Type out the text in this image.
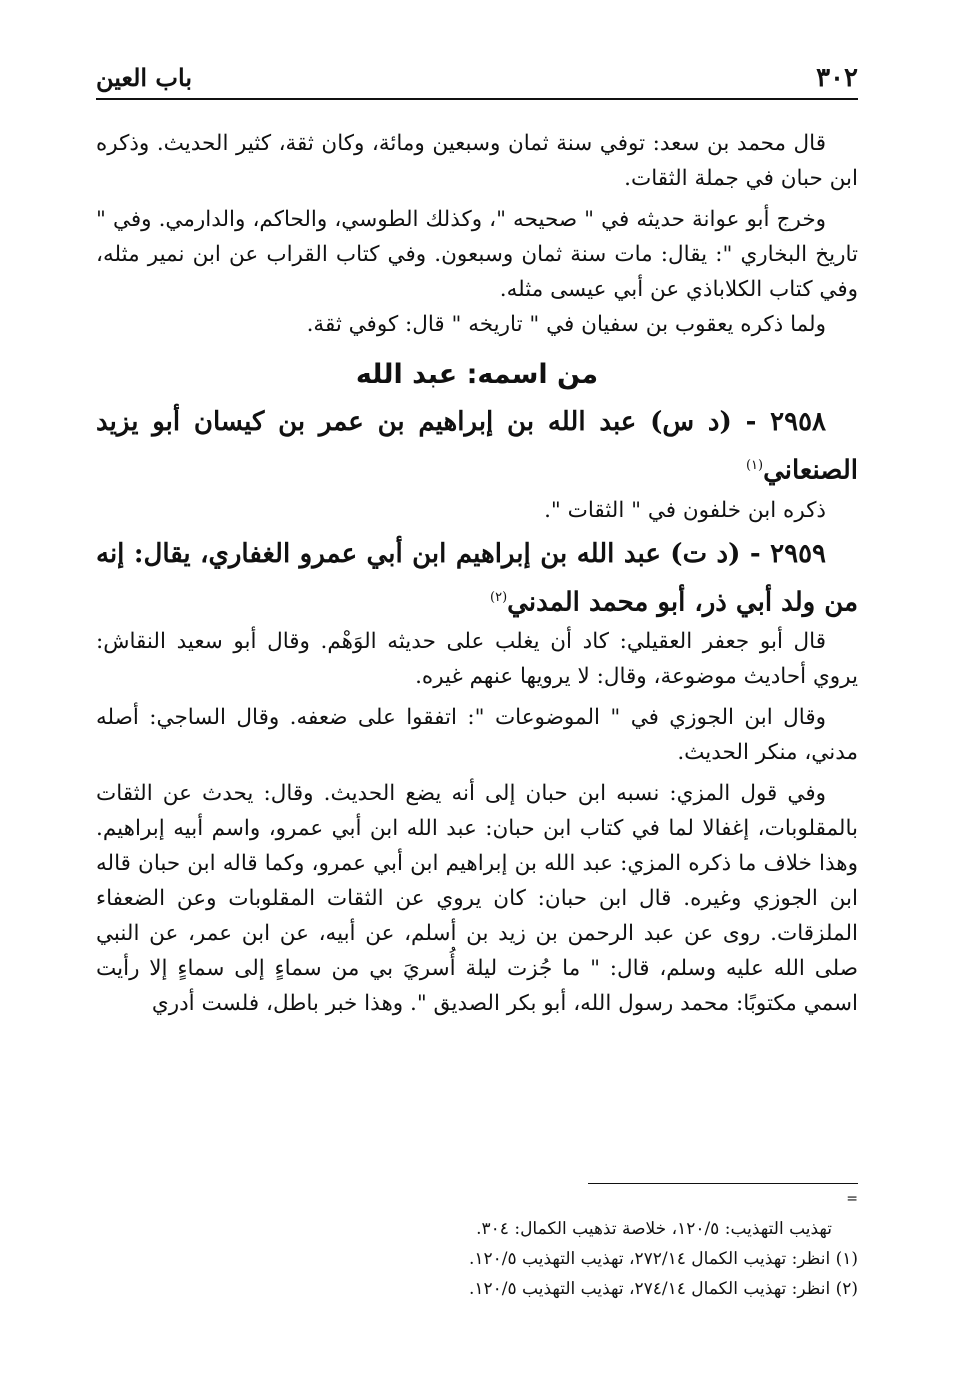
٣٠٢
باب العين

قال محمد بن سعد: توفي سنة ثمان وسبعين ومائة، وكان ثقة، كثير الحديث. وذكره ابن حبان في جملة الثقات.

وخرج أبو عوانة حديثه في " صحيحه "، وكذلك الطوسي، والحاكم، والدارمي. وفي " تاريخ البخاري ": يقال: مات سنة ثمان وسبعون. وفي كتاب القراب عن ابن نمير مثله، وفي كتاب الكلاباذي عن أبي عيسى مثله.

ولما ذكره يعقوب بن سفيان في " تاريخه " قال: كوفي ثقة.

من اسمه: عبد الله
٢٩٥٨ - (د س) عبد الله بن إبراهيم بن عمر بن كيسان أبو يزيد الصنعاني$^{(١)}$

ذكره ابن خلفون في " الثقات ".

٢٩٥٩ - (د ت) عبد الله بن إبراهيم ابن أبي عمرو الغفاري، يقال: إنه من ولد أبي ذر، أبو محمد المدني$^{(٢)}$

قال أبو جعفر العقيلي: كاد أن يغلب على حديثه الوَهْم. وقال أبو سعيد النقاش: يروي أحاديث موضوعة، وقال: لا يرويها عنهم غيره.

وقال ابن الجوزي في " الموضوعات ": اتفقوا على ضعفه. وقال الساجي: أصله مدني، منكر الحديث.

وفي قول المزي: نسبه ابن حبان إلى أنه يضع الحديث. وقال: يحدث عن الثقات بالمقلوبات، إغفالا لما في كتاب ابن حبان: عبد الله ابن أبي عمرو، واسم أبيه إبراهيم. وهذا خلاف ما ذكره المزي: عبد الله بن إبراهيم ابن أبي عمرو، وكما قاله ابن حبان قاله ابن الجوزي وغيره. قال ابن حبان: كان يروي عن الثقات المقلوبات وعن الضعفاء الملزقات. روى عن عبد الرحمن بن زيد بن أسلم، عن أبيه، عن ابن عمر، عن النبي صلى الله عليه وسلم، قال: " ما جُزت ليلة أُسريَ بي من سماءٍ إلى سماءٍ إلا رأيت اسمي مكتوبًا: محمد رسول الله، أبو بكر الصديق ". وهذا خبر باطل، فلست أدري

=

تهذيب التهذيب: ١٢٠/٥، خلاصة تذهيب الكمال: ٣٠٤.

(١) انظر: تهذيب الكمال ٢٧٢/١٤، تهذيب التهذيب ١٢٠/٥.

(٢) انظر: تهذيب الكمال ٢٧٤/١٤، تهذيب التهذيب ١٢٠/٥.
